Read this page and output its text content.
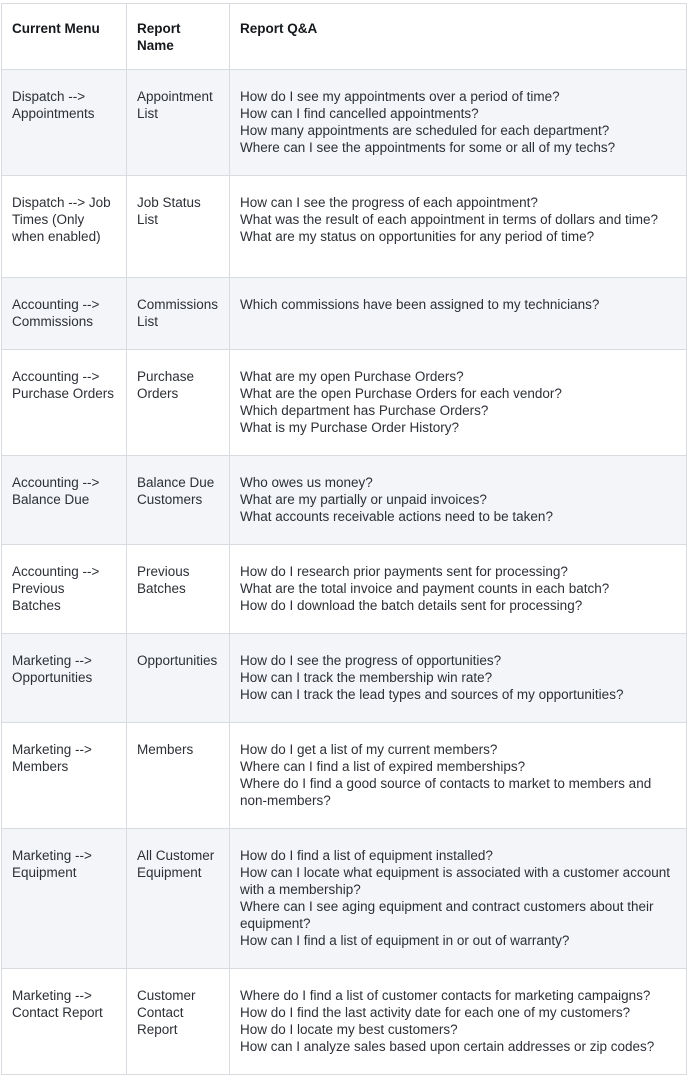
Current Menu	Report Name	Report Q&A
Dispatch --> Appointments	Appointment List	How do I see my appointments over a period of time?
How can I find cancelled appointments?
How many appointments are scheduled for each department?
Where can I see the appointments for some or all of my techs?

Dispatch --> Job Times (Only when enabled)	Job Status List	How can I see the progress of each appointment?
What was the result of each appointment in terms of dollars and time?
What are my status on opportunities for any period of time?

Accounting --> Commissions	Commissions List	Which commissions have been assigned to my technicians?

Accounting --> Purchase Orders	Purchase Orders	What are my open Purchase Orders?
What are the open Purchase Orders for each vendor?
Which department has Purchase Orders?
What is my Purchase Order History?

Accounting --> Balance Due	Balance Due Customers	Who owes us money?
What are my partially or unpaid invoices?
What accounts receivable actions need to be taken?

Accounting --> Previous Batches	Previous Batches	How do I research prior payments sent for processing?
What are the total invoice and payment counts in each batch?
How do I download the batch details sent for processing?

Marketing --> Opportunities	Opportunities	How do I see the progress of opportunities?
How can I track the membership win rate?
How can I track the lead types and sources of my opportunities?

Marketing --> Members	Members	How do I get a list of my current members?
Where can I find a list of expired memberships?
Where do I find a good source of contacts to market to members and non-members?

Marketing --> Equipment	All Customer Equipment	How do I find a list of equipment installed?
How can I locate what equipment is associated with a customer account with a membership?
Where can I see aging equipment and contract customers about their equipment?
How can I find a list of equipment in or out of warranty?

Marketing --> Contact Report	Customer Contact Report	Where do I find a list of customer contacts for marketing campaigns?
How do I find the last activity date for each one of my customers?
How do I locate my best customers?
How can I analyze sales based upon certain addresses or zip codes?
